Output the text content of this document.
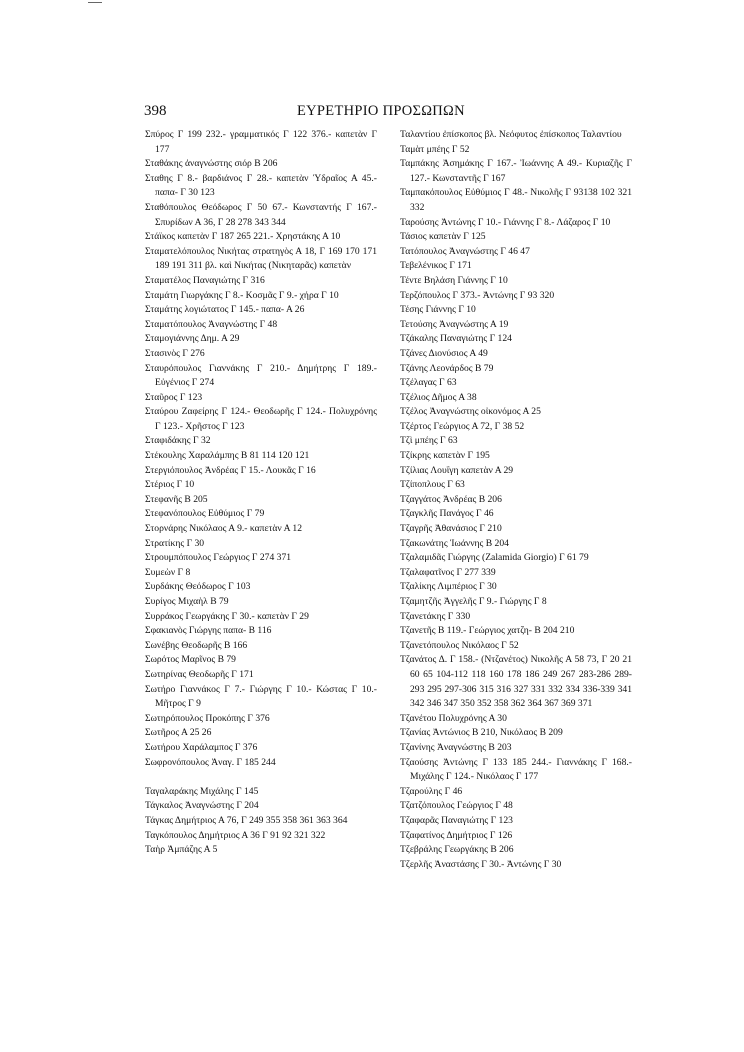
398	ΕΥΡΕΤΗΡΙΟ ΠΡΟΣΩΠΩΝ
Σπύρος Γ 199 232.- γραμματικός Γ 122 376.- καπετὰν Γ 177
Σταθάκης ἀναγνώστης σιόρ Β 206
Σταθης Γ 8.- βαρδιάνος Γ 28.- καπετὰν Ὑδραῖος Α 45.- παπα- Γ 30 123
Σταθόπουλος Θεόδωρος Γ 50 67.- Κωνσταντής Γ 167.- Σπυρίδων Α 36, Γ 28 278 343 344
Στάϊκος καπετὰν Γ 187 265 221.- Χρηστάκης Α 10
Σταματελόπουλος Νικήτας στρατηγὸς Α 18, Γ 169 170 171 189 191 311 βλ. καὶ Νικήτας (Νικηταρᾶς) καπετὰν
Σταματέλος Παναγιώτης Γ 316
Σταμάτη Γιωργάκης Γ 8.- Κοσμᾶς Γ 9.- χήρα Γ 10
Σταμάτης λογιώτατος Γ 145.- παπα- Α 26
Σταματόπουλος Ἀναγνώστης Γ 48
Σταμογιάννης Δημ. Α 29
Στασινὸς Γ 276
Σταυρόπουλος Γιαννάκης Γ 210.- Δημήτρης Γ 189.- Εὐγένιος Γ 274
Σταῦρος Γ 123
Σταύρου Ζαφείρης Γ 124.- Θεοδωρῆς Γ 124.- Πολυχρόνης Γ 123.- Χρῆστος Γ 123
Σταφιδάκης Γ 32
Στέκουλης Χαραλάμπης Β 81 114 120 121
Στεργιόπουλος Ἀνδρέας Γ 15.- Λουκᾶς Γ 16
Στέριος Γ 10
Στεφανῆς Β 205
Στεφανόπουλος Εὐθύμιος Γ 79
Στορνάρης Νικόλαος Α 9.- καπετὰν Α 12
Στρατίκης Γ 30
Στρουμπόπουλος Γεώργιος Γ 274 371
Συμεὼν Γ 8
Συρδάκης Θεόδωρος Γ 103
Συρίγος Μιχαὴλ Β 79
Συρράκος Γεωργάκης Γ 30.- καπετὰν Γ 29
Σφακιανὸς Γιώργης παπα- Β 116
Σωνέβης Θεοδωρῆς Β 166
Σωρότος Μαρῖνος Β 79
Σωτηρίνας Θεοδωρῆς Γ 171
Σωτήρο Γιαννάκος Γ 7.- Γιώργης Γ 10.- Κώστας Γ 10.- Μῆτρος Γ 9
Σωτηρόπουλος Προκόπης Γ 376
Σωτῆρος Α 25 26
Σωτήρου Χαράλαμπος Γ 376
Σωφρονόπουλος Ἀναγ. Γ 185 244
Ταγαλαράκης Μιχάλης Γ 145
Τάγκαλος Ἀναγνώστης Γ 204
Τάγκας Δημήτριος Α 76, Γ 249 355 358 361 363 364
Ταγκόπουλος Δημήτριος Α 36 Γ 91 92 321 322
Ταὴρ Ἀμπάζης Α 5
Ταλαντίου ἐπίσκοπος βλ. Νεόφυτος ἐπίσκοπος Ταλαντίου
Ταμὰτ μπέης Γ 52
Ταμπάκης Ἀσημάκης Γ 167.- Ἰωάννης Α 49.- Κυριαζῆς Γ 127.- Κωνσταντῆς Γ 167
Ταμπακόπουλος Εὐθύμιος Γ 48.- Νικολῆς Γ 93138 102 321 332
Ταρούσης Ἀντώνης Γ 10.- Γιάννης Γ 8.- Λάζαρος Γ 10
Τάσιος καπετὰν Γ 125
Τατόπουλος Ἀναγνώστης Γ 46 47
Τεβελένικος Γ 171
Τέντε Βηλάση Γιάννης Γ 10
Τερζόπουλος Γ 373.- Ἀντώνης Γ 93 320
Τέσης Γιάννης Γ 10
Τετούσης Ἀναγνώστης Α 19
Τζάκαλης Παναγιώτης Γ 124
Τζάνες Διονύσιος Α 49
Τζάνης Λεονάρδος Β 79
Τζέλαγας Γ 63
Τζέλιος Δῆμος Α 38
Τζέλος Ἀναγνώστης οἰκονόμος Α 25
Τζέρτος Γεώργιος Α 72, Γ 38 52
Τζὶ μπέης Γ 63
Τζίκρης καπετὰν Γ 195
Τζίλιας Λουΐγη καπετὰν Α 29
Τζίποπλους Γ 63
Τζαγγάτος Ἀνδρέας Β 206
Τζαγκλῆς Πανάγος Γ 46
Τζαγρῆς Ἀθανάσιος Γ 210
Τζακωνάτης Ἰωάννης Β 204
Τζαλαμιδᾶς Γιώργης (Zalamida Giorgio) Γ 61 79
Τζαλαφατῖνος Γ 277 339
Τζαλίκης Λιμπέριος Γ 30
Τζαμητζῆς Ἀγγελῆς Γ 9.- Γιώργης Γ 8
Τζανετάκης Γ 330
Τζανετῆς Β 119.- Γεώργιος χατζη- Β 204 210
Τζανετόπουλος Νικόλαος Γ 52
Τζανάτος Δ. Γ 158.- (Ντζανέτος) Νικολῆς Α 58 73, Γ 20 21 60 65 104-112 118 160 178 186 249 267 283-286 289-293 295 297-306 315 316 327 331 332 334 336-339 341 342 346 347 350 352 358 362 364 367 369 371
Τζανέτου Πολυχρόνης Α 30
Τζανίας Ἀντώνιος Β 210, Νικόλαος Β 209
Τζανίνης Ἀναγνώστης Β 203
Τζαούσης Ἀντώνης Γ 133 185 244.- Γιαννάκης Γ 168.- Μιχάλης Γ 124.- Νικόλαος Γ 177
Τζαρούλης Γ 46
Τζατζόπουλος Γεώργιος Γ 48
Τζαφαρᾶς Παναγιώτης Γ 123
Τζαφατίνος Δημήτριος Γ 126
Τζεβράλης Γεωργάκης Β 206
Τζερλῆς Ἀναστάσης Γ 30.- Ἀντώνης Γ 30
